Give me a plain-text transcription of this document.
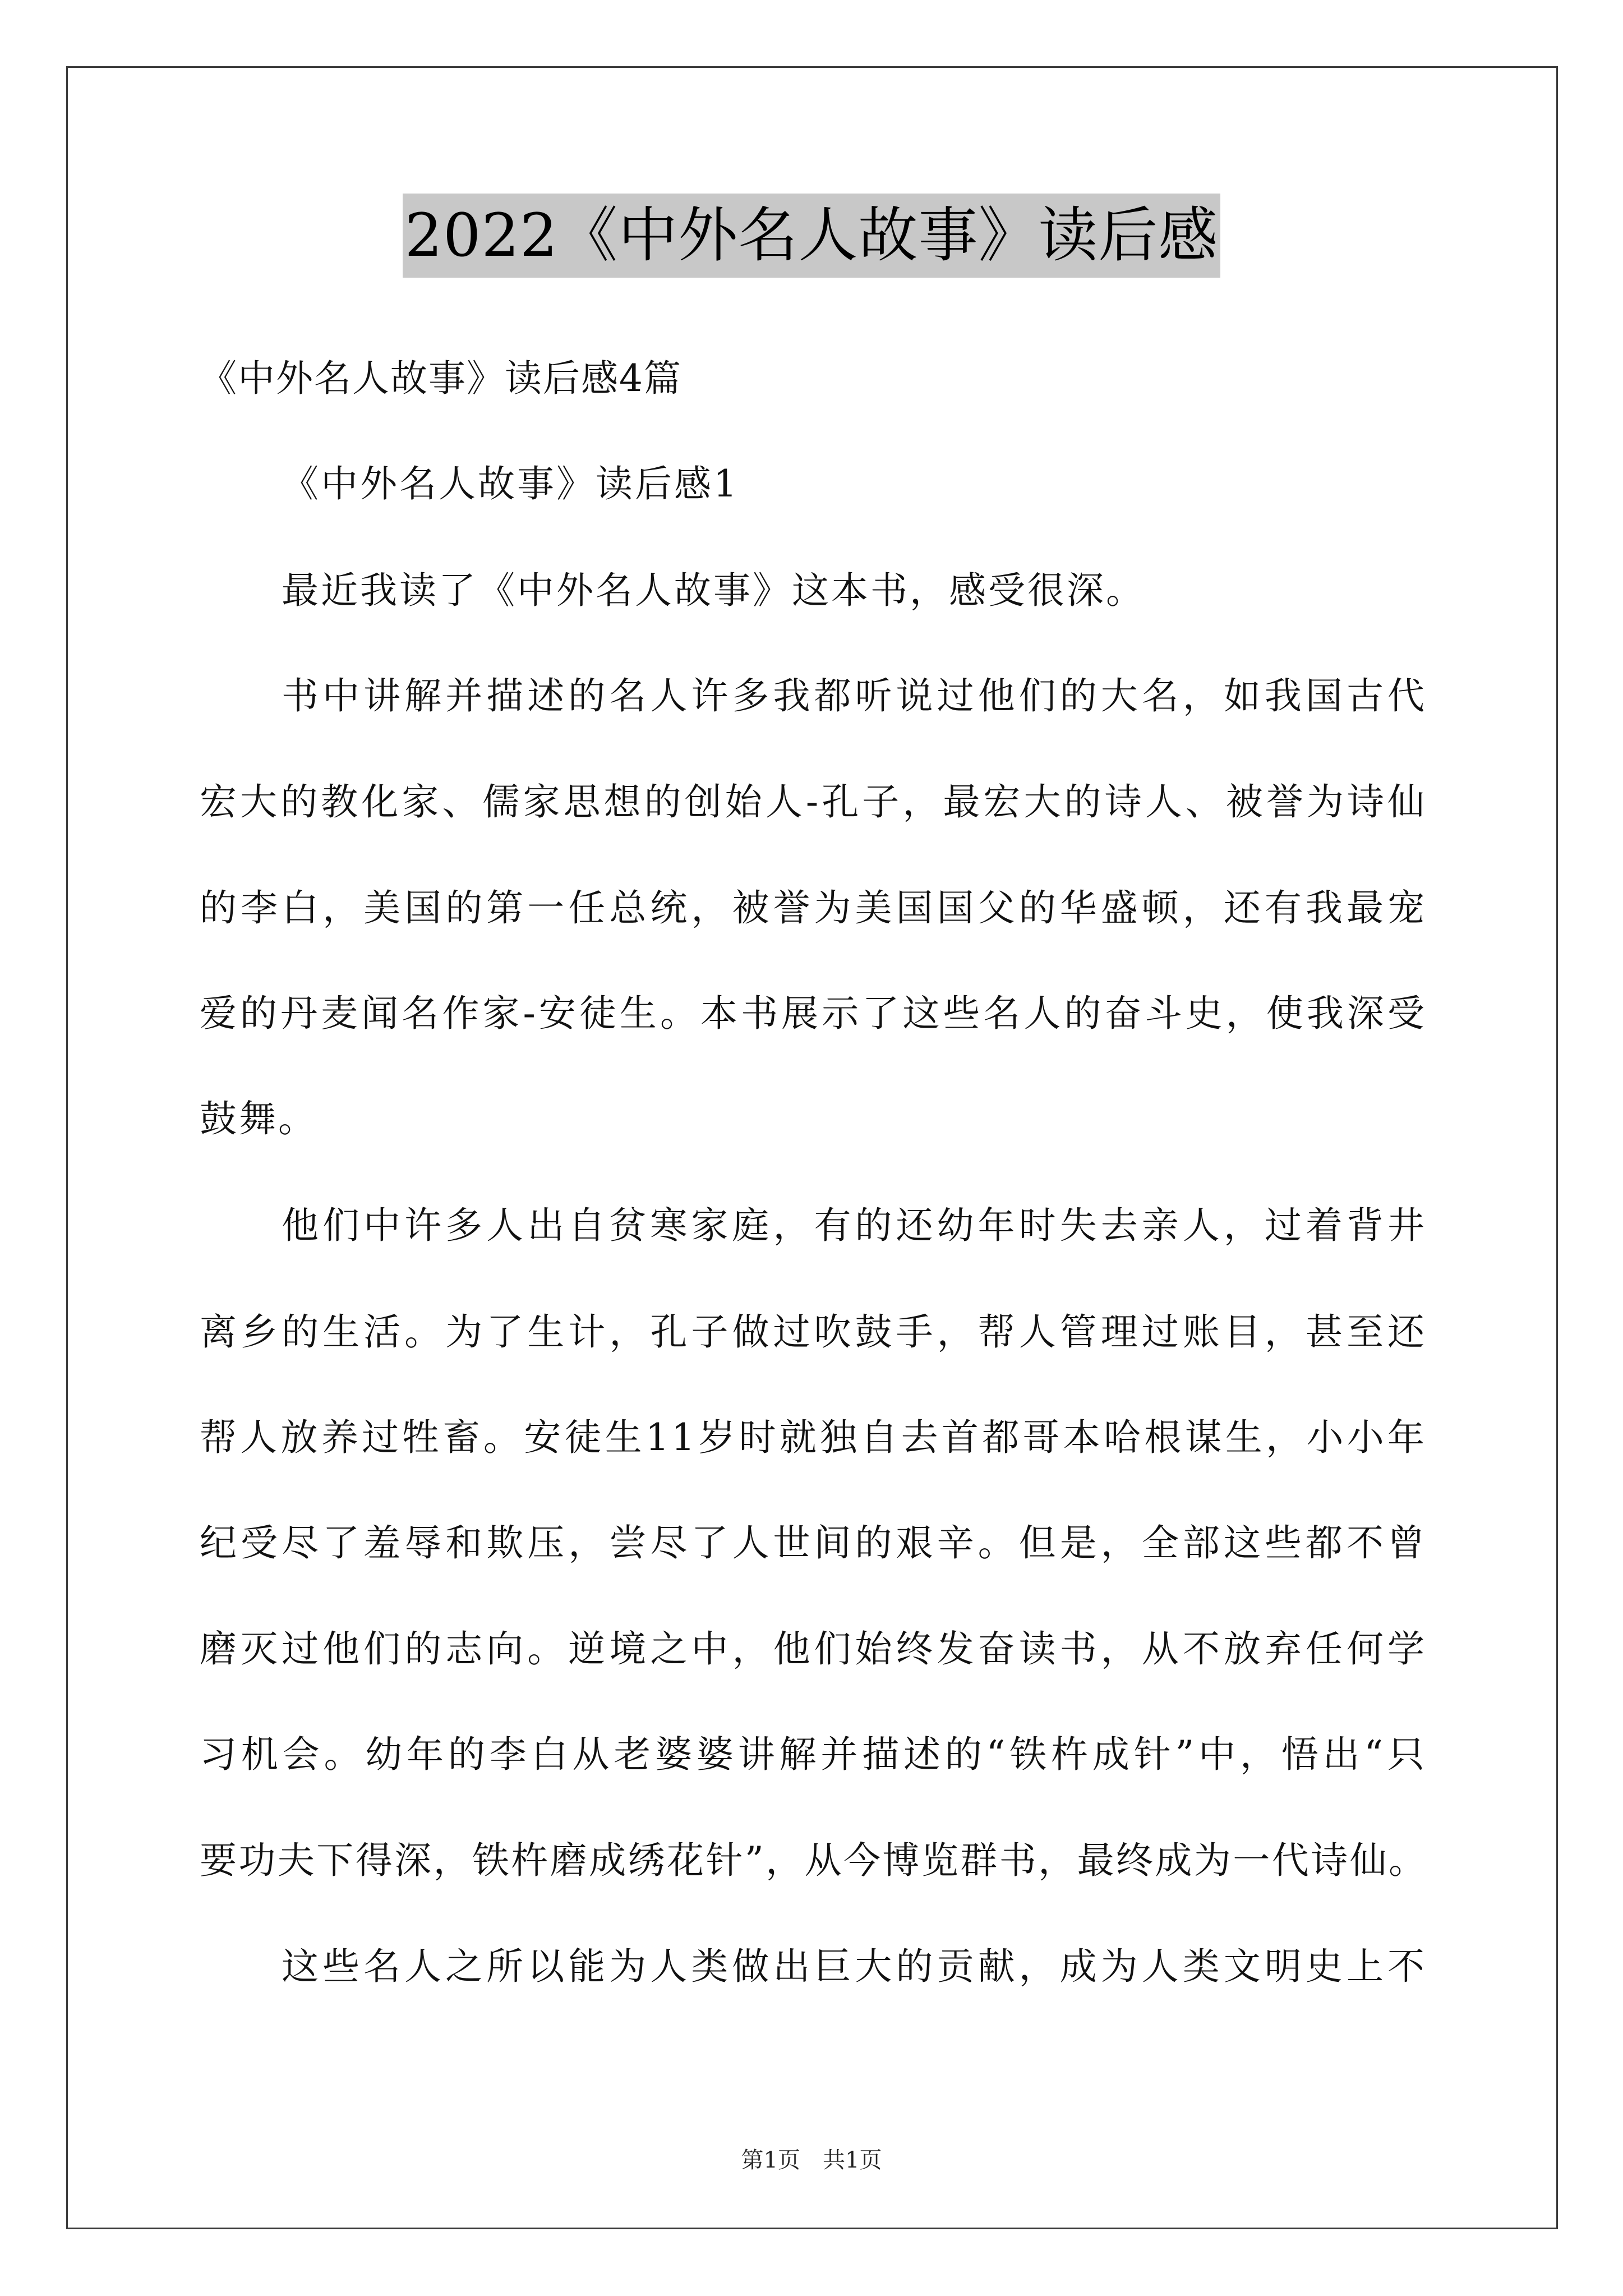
2022《中外名人故事》读后感
《中外名人故事》读后感4篇
《中外名人故事》读后感1
最近我读了《中外名人故事》这本书，感受很深。
书中讲解并描述的名人许多我都听说过他们的大名，如我国古代
宏大的教化家、儒家思想的创始人-孔子，最宏大的诗人、被誉为诗仙
的李白，美国的第一任总统，被誉为美国国父的华盛顿，还有我最宠
爱的丹麦闻名作家-安徒生。本书展示了这些名人的奋斗史，使我深受
鼓舞。
他们中许多人出自贫寒家庭，有的还幼年时失去亲人，过着背井
离乡的生活。为了生计，孔子做过吹鼓手，帮人管理过账目，甚至还
帮人放养过牲畜。安徒生11岁时就独自去首都哥本哈根谋生，小小年
纪受尽了羞辱和欺压，尝尽了人世间的艰辛。但是，全部这些都不曾
磨灭过他们的志向。逆境之中，他们始终发奋读书，从不放弃任何学
习机会。幼年的李白从老婆婆讲解并描述的“铁杵成针”中，悟出“只
要功夫下得深，铁杵磨成绣花针”，从今博览群书，最终成为一代诗仙。
这些名人之所以能为人类做出巨大的贡献，成为人类文明史上不
第1页　共1页
